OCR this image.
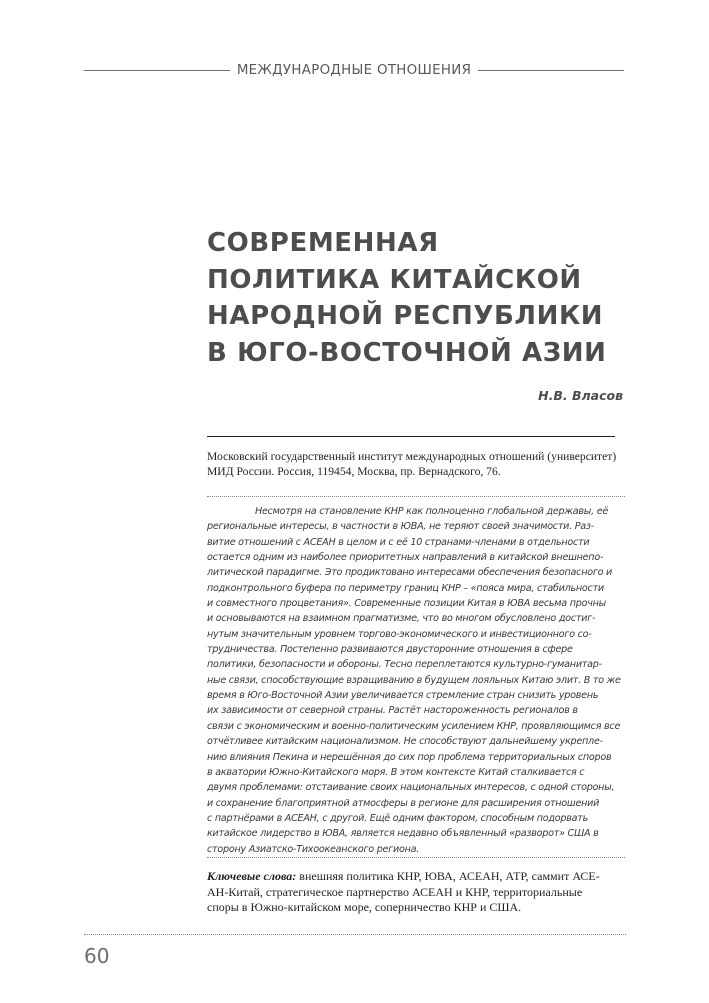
МЕЖДУНАРОДНЫЕ ОТНОШЕНИЯ
СОВРЕМЕННАЯ
ПОЛИТИКА КИТАЙСКОЙ
НАРОДНОЙ РЕСПУБЛИКИ
В ЮГО-ВОСТОЧНОЙ АЗИИ
Н.В. Власов
Московский государственный институт международных отношений (университет)
МИД России. Россия, 119454, Москва, пр. Вернадского, 76.
Несмотря на становление КНР как полноценно глобальной державы, её
региональные интересы, в частности в ЮВА, не теряют своей значимости. Раз-
витие отношений с АСЕАН в целом и с её 10 странами-членами в отдельности
остается одним из наиболее приоритетных направлений в китайской внешнепо-
литической парадигме. Это продиктовано интересами обеспечения безопасного и
подконтрольного буфера по периметру границ КНР – «пояса мира, стабильности
и совместного процветания». Современные позиции Китая в ЮВА весьма прочны
и основываются на взаимном прагматизме, что во многом обусловлено достиг-
нутым значительным уровнем торгово-экономического и инвестиционного со-
трудничества. Постепенно развиваются двусторонние отношения в сфере
политики, безопасности и обороны. Тесно переплетаются культурно-гуманитар-
ные связи, способствующие взращиванию в будущем лояльных Китаю элит. В то же
время в Юго-Восточной Азии увеличивается стремление стран снизить уровень
их зависимости от северной страны. Растёт настороженность регионалов в
связи с экономическим и военно-политическим усилением КНР, проявляющимся все
отчётливее китайским национализмом. Не способствуют дальнейшему укрепле-
нию влияния Пекина и нерешённая до сих пор проблема территориальных споров
в акватории Южно-Китайского моря. В этом контексте Китай сталкивается с
двумя проблемами: отстаивание своих национальных интересов, с одной стороны,
и сохранение благоприятной атмосферы в регионе для расширения отношений
с партнёрами в АСЕАН, с другой. Ещё одним фактором, способным подорвать
китайское лидерство в ЮВА, является недавно объявленный «разворот» США в
сторону Азиатско-Тихоокеанского региона.
Ключевые слова: внешняя политика КНР, ЮВА, АСЕАН, АТР, саммит АСЕ-
АН-Китай, стратегическое партнерство АСЕАН и КНР, территориальные
споры в Южно-китайском море, соперничество КНР и США.
60
